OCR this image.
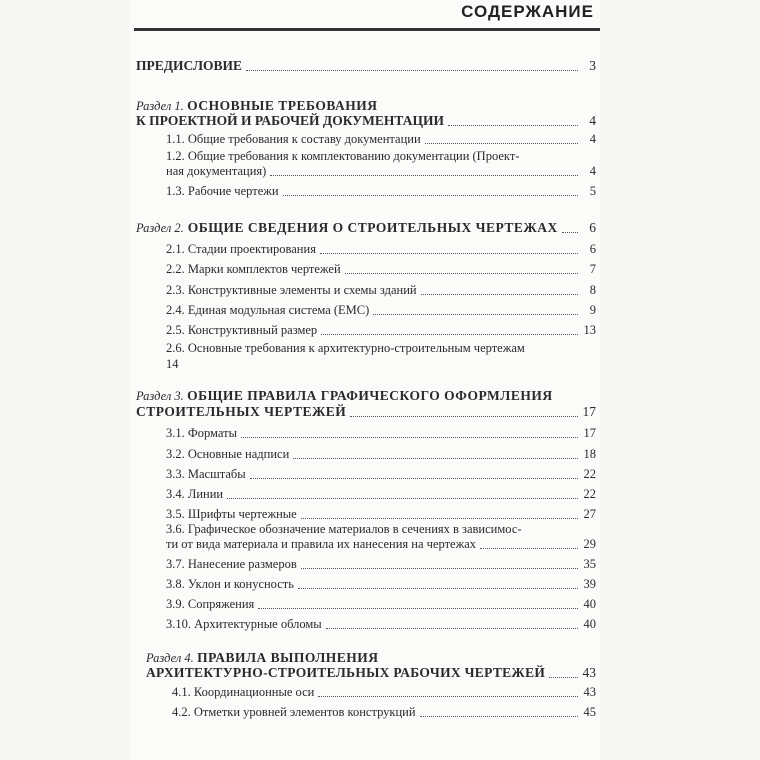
СОДЕРЖАНИЕ
ПРЕДИСЛОВИЕ	3
Раздел 1. ОСНОВНЫЕ ТРЕБОВАНИЯ
К ПРОЕКТНОЙ И РАБОЧЕЙ ДОКУМЕНТАЦИИ	4
1.1. Общие требования к составу документации	4
1.2. Общие требования к комплектованию документации (Проект-
ная документация)	4
1.3. Рабочие чертежи	5
Раздел 2. ОБЩИЕ СВЕДЕНИЯ О СТРОИТЕЛЬНЫХ ЧЕРТЕЖАХ	6
2.1. Стадии проектирования	6
2.2. Марки комплектов чертежей	7
2.3. Конструктивные элементы и схемы зданий	8
2.4. Единая модульная система (ЕМС)	9
2.5. Конструктивный размер	13
2.6. Основные требования к архитектурно-строительным чертежам
14
Раздел 3. ОБЩИЕ ПРАВИЛА ГРАФИЧЕСКОГО ОФОРМЛЕНИЯ
СТРОИТЕЛЬНЫХ ЧЕРТЕЖЕЙ	17
3.1. Форматы	17
3.2. Основные надписи	18
3.3. Масштабы	22
3.4. Линии	22
3.5. Шрифты чертежные	27
3.6. Графическое обозначение материалов в сечениях в зависимос-
ти от вида материала и правила их нанесения на чертежах	29
3.7. Нанесение размеров	35
3.8. Уклон и конусность	39
3.9. Сопряжения	40
3.10. Архитектурные обломы	40
Раздел 4. ПРАВИЛА ВЫПОЛНЕНИЯ
АРХИТЕКТУРНО-СТРОИТЕЛЬНЫХ РАБОЧИХ ЧЕРТЕЖЕЙ	43
4.1. Координационные оси	43
4.2. Отметки уровней элементов конструкций	45
